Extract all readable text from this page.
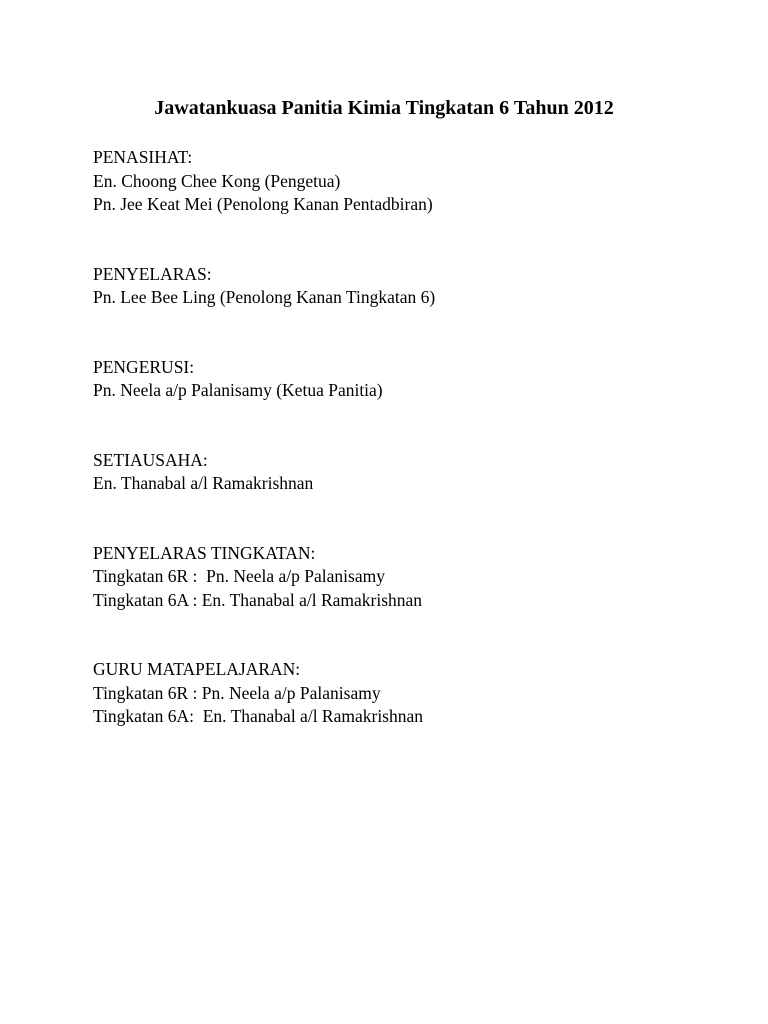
Jawatankuasa Panitia Kimia Tingkatan 6 Tahun 2012
PENASIHAT:
En. Choong Chee Kong (Pengetua)
Pn. Jee Keat Mei (Penolong Kanan Pentadbiran)
PENYELARAS:
Pn. Lee Bee Ling (Penolong Kanan Tingkatan 6)
PENGERUSI:
Pn. Neela a/p Palanisamy (Ketua Panitia)
SETIAUSAHA:
En. Thanabal a/l Ramakrishnan
PENYELARAS TINGKATAN:
Tingkatan 6R :  Pn. Neela a/p Palanisamy
Tingkatan 6A : En. Thanabal a/l Ramakrishnan
GURU MATAPELAJARAN:
Tingkatan 6R : Pn. Neela a/p Palanisamy
Tingkatan 6A:  En. Thanabal a/l Ramakrishnan
